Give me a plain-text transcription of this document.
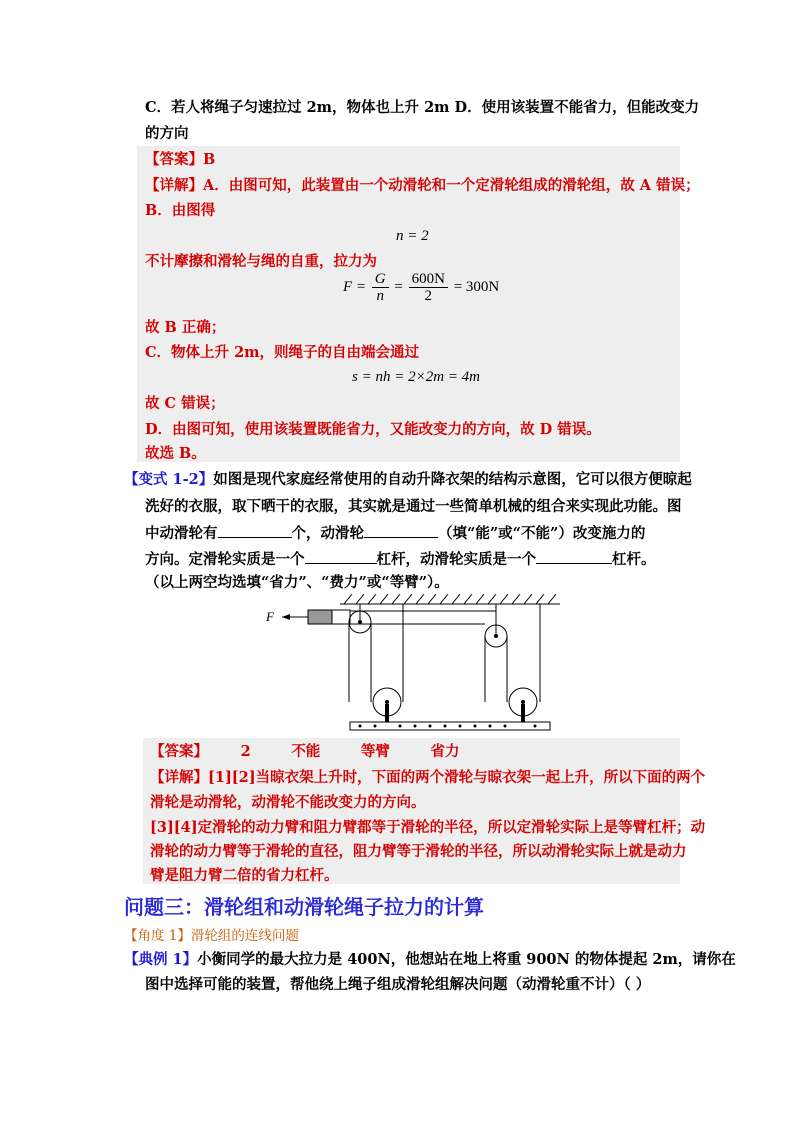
C．若人将绳子匀速拉过 2m，物体也上升 2m D．使用该装置不能省力，但能改变力
的方向
【答案】B
【详解】A．由图可知，此装置由一个动滑轮和一个定滑轮组成的滑轮组，故 A 错误；
B．由图得
n = 2
不计摩擦和滑轮与绳的自重，拉力为
$F = \frac{G}{n} = \frac{600N}{2} = 300N$
故 B 正确；
C．物体上升 2m，则绳子的自由端会通过
s = nh = 2×2m = 4m
故 C 错误；
D．由图可知，使用该装置既能省力，又能改变力的方向，故 D 错误。
故选 B。
【变式 1-2】如图是现代家庭经常使用的自动升降衣架的结构示意图，它可以很方便晾起
洗好的衣服，取下晒干的衣服，其实就是通过一些简单机械的组合来实现此功能。图
中动滑轮有	个，动滑轮	（填“能”或“不能”）改变施力的
方向。定滑轮实质是一个	杠杆，动滑轮实质是一个	杠杆。
（以上两空均选填“省力”、“费力”或“等臂”）。
F
【答案】 2	不能	等臂	省力
【详解】[1][2]当晾衣架上升时，下面的两个滑轮与晾衣架一起上升，所以下面的两个
滑轮是动滑轮，动滑轮不能改变力的方向。
[3][4]定滑轮的动力臂和阻力臂都等于滑轮的半径，所以定滑轮实际上是等臂杠杆；动
滑轮的动力臂等于滑轮的直径，阻力臂等于滑轮的半径，所以动滑轮实际上就是动力
臂是阻力臂二倍的省力杠杆。
问题三：滑轮组和动滑轮绳子拉力的计算
【角度 1】滑轮组的连线问题
【典例 1】小衡同学的最大拉力是 400N，他想站在地上将重 900N 的物体提起 2m，请你在
图中选择可能的装置，帮他绕上绳子组成滑轮组解决问题（动滑轮重不计）（ ）
